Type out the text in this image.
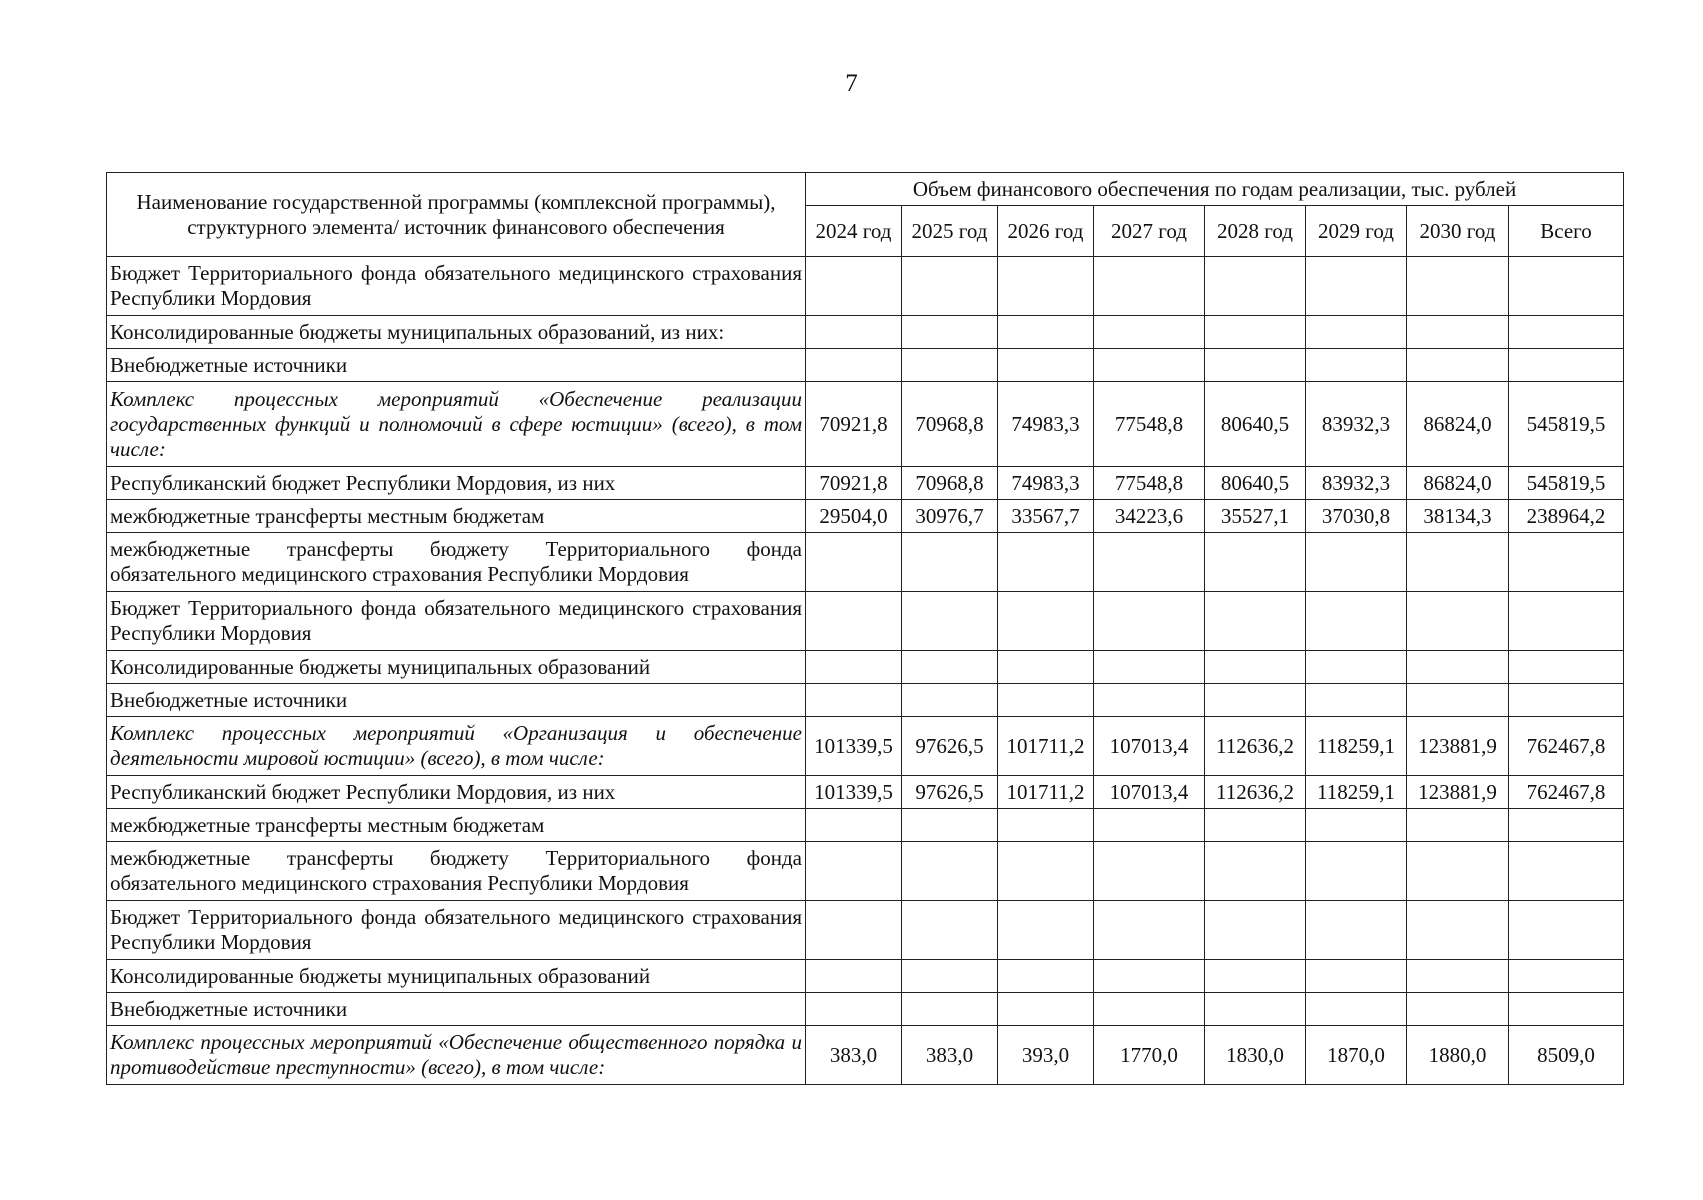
7
Наименование государственной программы (комплексной программы), структурного элемента/ источник финансового обеспечения	Объем финансового обеспечения по годам реализации, тыс. рублей							
	2024 год	2025 год	2026 год	2027 год	2028 год	2029 год	2030 год	Всего
Бюджет Территориального фонда обязательного медицинского страхования Республики Мордовия								
Консолидированные бюджеты муниципальных образований, из них:								
Внебюджетные источники								
Комплекс процессных мероприятий «Обеспечение реализации государственных функций и полномочий в сфере юстиции» (всего), в том числе:	70921,8	70968,8	74983,3	77548,8	80640,5	83932,3	86824,0	545819,5
Республиканский бюджет Республики Мордовия, из них	70921,8	70968,8	74983,3	77548,8	80640,5	83932,3	86824,0	545819,5
межбюджетные трансферты местным бюджетам	29504,0	30976,7	33567,7	34223,6	35527,1	37030,8	38134,3	238964,2
межбюджетные трансферты бюджету Территориального фонда обязательного медицинского страхования Республики Мордовия								
Бюджет Территориального фонда обязательного медицинского страхования Республики Мордовия								
Консолидированные бюджеты муниципальных образований								
Внебюджетные источники								
Комплекс процессных мероприятий «Организация и обеспечение деятельности мировой юстиции» (всего), в том числе:	101339,5	97626,5	101711,2	107013,4	112636,2	118259,1	123881,9	762467,8
Республиканский бюджет Республики Мордовия, из них	101339,5	97626,5	101711,2	107013,4	112636,2	118259,1	123881,9	762467,8
межбюджетные трансферты местным бюджетам								
межбюджетные трансферты бюджету Территориального фонда обязательного медицинского страхования Республики Мордовия								
Бюджет Территориального фонда обязательного медицинского страхования Республики Мордовия								
Консолидированные бюджеты муниципальных образований								
Внебюджетные источники								
Комплекс процессных мероприятий «Обеспечение общественного порядка и противодействие преступности» (всего), в том числе:	383,0	383,0	393,0	1770,0	1830,0	1870,0	1880,0	8509,0
